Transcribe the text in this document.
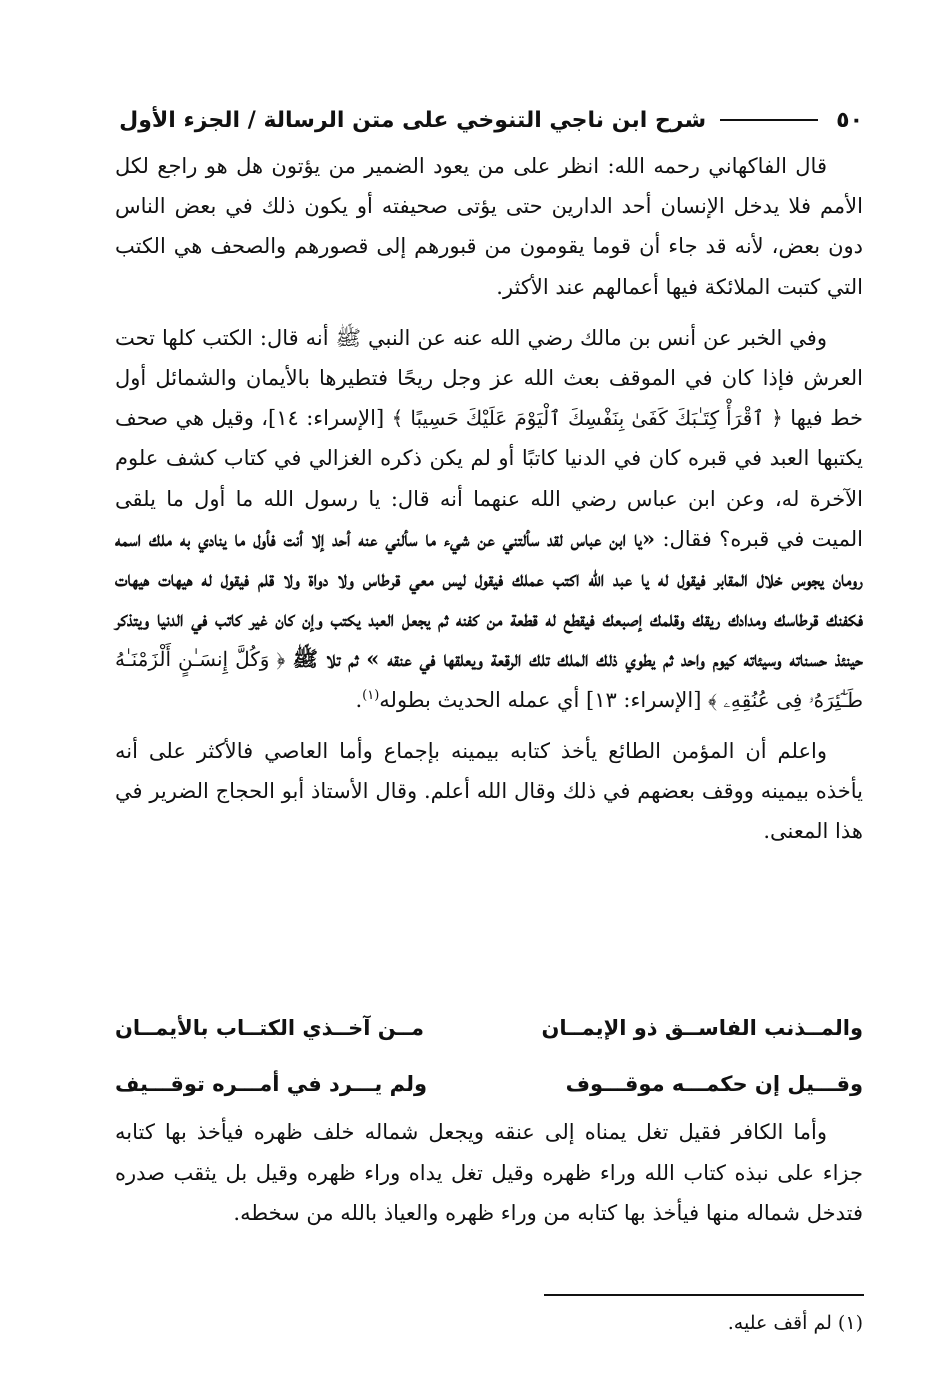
٥٠
شرح ابن ناجي التنوخي على متن الرسالة / الجزء الأول

قال الفاكهاني رحمه الله: انظر على من يعود الضمير من يؤتون هل هو راجع لكل الأمم فلا يدخل الإنسان أحد الدارين حتى يؤتى صحيفته أو يكون ذلك في بعض الناس دون بعض، لأنه قد جاء أن قوما يقومون من قبورهم إلى قصورهم والصحف هي الكتب التي كتبت الملائكة فيها أعمالهم عند الأكثر.

وفي الخبر عن أنس بن مالك رضي الله عنه عن النبي ﷺ أنه قال: الكتب كلها تحت العرش فإذا كان في الموقف بعث الله عز وجل ريحًا فتطيرها بالأيمان والشمائل أول خط فيها ﴿ ٱقْرَأْ كِتَـٰبَكَ كَفَىٰ بِنَفْسِكَ ٱلْيَوْمَ عَلَيْكَ حَسِيبًا ﴾ [الإسراء: ١٤]، وقيل هي صحف يكتبها العبد في قبره كان في الدنيا كاتبًا أو لم يكن ذكره الغزالي في كتاب كشف علوم الآخرة له، وعن ابن عباس رضي الله عنهما أنه قال: يا رسول الله ما أول ما يلقى الميت في قبره؟ فقال: «يا ابن عباس لقد سألتني عن شيء ما سألني عنه أحد إلا أنت فأول ما ينادي به ملك اسمه رومان يجوس خلال المقابر فيقول له يا عبد الله اكتب عملك فيقول ليس معي قرطاس ولا دواة ولا قلم فيقول له هيهات هيهات فكفنك قرطاسك ومدادك ريقك وقلمك إصبعك فيقطع له قطعة من كفنه ثم يجعل العبد يكتب وإن كان غير كاتب في الدنيا ويتذكر حينئذ حسناته وسيئاته كيوم واحد ثم يطوي ذلك الملك تلك الرقعة ويعلقها في عنقه » ثم تلا ﷺ ﴿ وَكُلَّ إِنسَـٰنٍ أَلْزَمْنَـٰهُ طَـٰٓئِرَهُۥ فِى عُنُقِهِۦ ﴾ [الإسراء: ١٣] أي عمله الحديث بطوله$^{(١)}$.

واعلم أن المؤمن الطائع يأخذ كتابه بيمينه بإجماع وأما العاصي فالأكثر على أنه يأخذه بيمينه ووقف بعضهم في ذلك وقال الله أعلم. وقال الأستاذ أبو الحجاج الضرير في هذا المعنى.

والمــذنب الفاســق ذو الإيمــان
مــن آخــذي الكتــاب بالأيمــان
وقـــيل إن حكمـــه موقـــوف
ولم يـــرد في أمـــره توقـــيف

وأما الكافر فقيل تغل يمناه إلى عنقه ويجعل شماله خلف ظهره فيأخذ بها كتابه جزاء على نبذه كتاب الله وراء ظهره وقيل تغل يداه وراء ظهره وقيل بل يثقب صدره فتدخل شماله منها فيأخذ بها كتابه من وراء ظهره والعياذ بالله من سخطه.

(١) لم أقف عليه.
